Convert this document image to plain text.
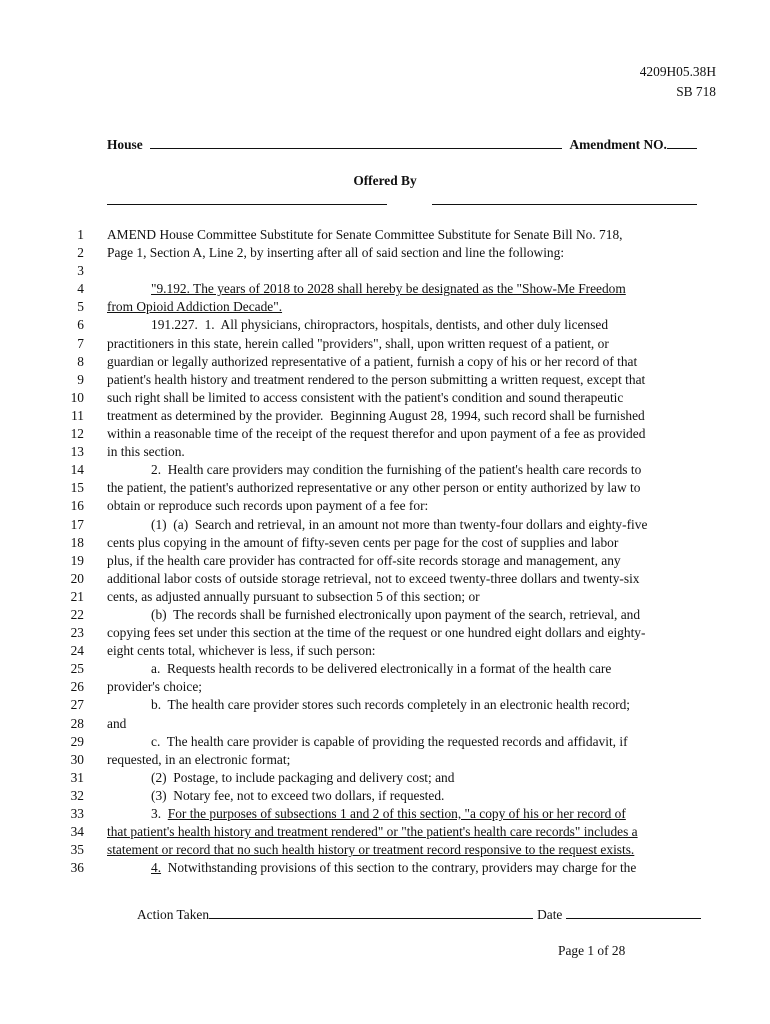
4209H05.38H
SB 718
House	Amendment NO.
Offered By
1 AMEND House Committee Substitute for Senate Committee Substitute for Senate Bill No. 718,
2 Page 1, Section A, Line 2, by inserting after all of said section and line the following:
3
4	"9.192. The years of 2018 to 2028 shall hereby be designated as the "Show-Me Freedom
5 from Opioid Addiction Decade".
6	191.227.  1.  All physicians, chiropractors, hospitals, dentists, and other duly licensed
7 practitioners in this state, herein called "providers", shall, upon written request of a patient, or
8 guardian or legally authorized representative of a patient, furnish a copy of his or her record of that
9 patient's health history and treatment rendered to the person submitting a written request, except that
10 such right shall be limited to access consistent with the patient's condition and sound therapeutic
11 treatment as determined by the provider.  Beginning August 28, 1994, such record shall be furnished
12 within a reasonable time of the receipt of the request therefor and upon payment of a fee as provided
13 in this section.
14	2.  Health care providers may condition the furnishing of the patient's health care records to
15 the patient, the patient's authorized representative or any other person or entity authorized by law to
16 obtain or reproduce such records upon payment of a fee for:
17	(1)  (a)  Search and retrieval, in an amount not more than twenty-four dollars and eighty-five
18 cents plus copying in the amount of fifty-seven cents per page for the cost of supplies and labor
19 plus, if the health care provider has contracted for off-site records storage and management, any
20 additional labor costs of outside storage retrieval, not to exceed twenty-three dollars and twenty-six
21 cents, as adjusted annually pursuant to subsection 5 of this section; or
22	(b)  The records shall be furnished electronically upon payment of the search, retrieval, and
23 copying fees set under this section at the time of the request or one hundred eight dollars and eighty-
24 eight cents total, whichever is less, if such person:
25	a.  Requests health records to be delivered electronically in a format of the health care
26 provider's choice;
27	b.  The health care provider stores such records completely in an electronic health record;
28 and
29	c.  The health care provider is capable of providing the requested records and affidavit, if
30 requested, in an electronic format;
31	(2)  Postage, to include packaging and delivery cost; and
32	(3)  Notary fee, not to exceed two dollars, if requested.
33	3.  For the purposes of subsections 1 and 2 of this section, "a copy of his or her record of
34 that patient's health history and treatment rendered" or "the patient's health care records" includes a
35 statement or record that no such health history or treatment record responsive to the request exists.
36	4.  Notwithstanding provisions of this section to the contrary, providers may charge for the
Action Taken	Date
Page 1 of 28
